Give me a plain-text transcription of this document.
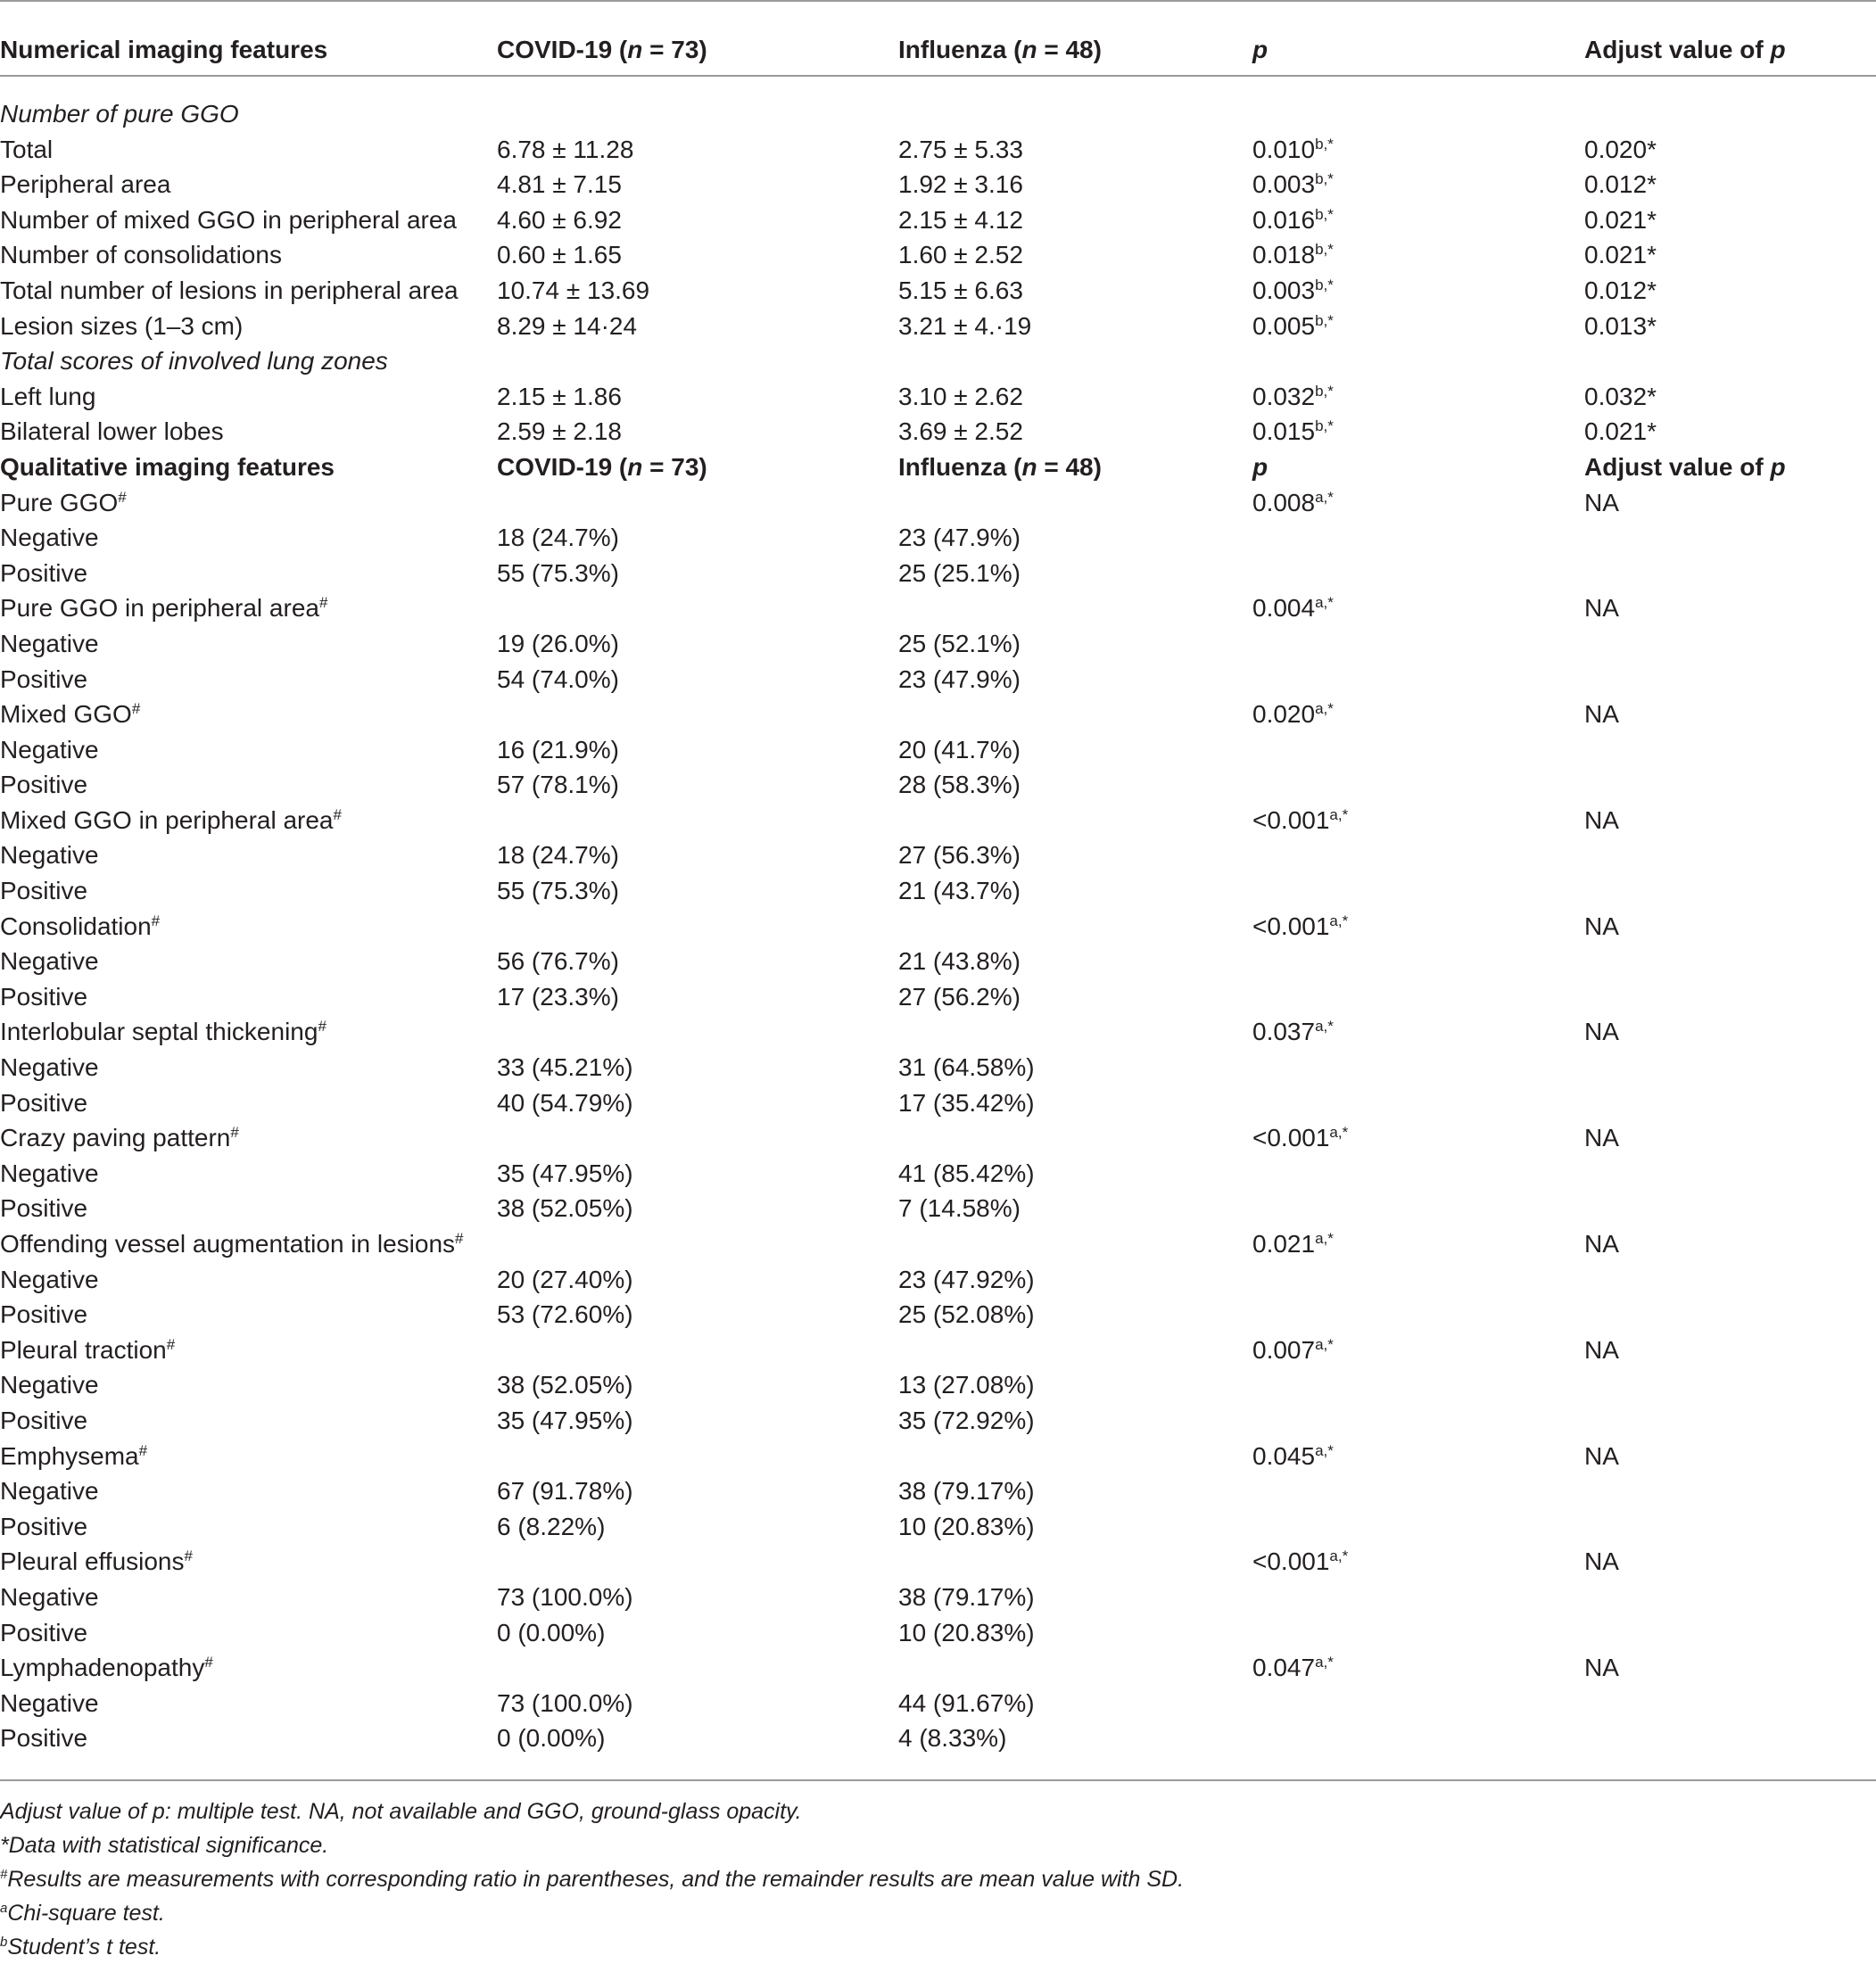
Numerical imaging features	COVID-19 (n = 73)	Influenza (n = 48)	p	Adjust value of p

Number of pure GGO				
Total	6.78 ± 11.28	2.75 ± 5.33	$0.010^{b,*}$	0.020*
Peripheral area	4.81 ± 7.15	1.92 ± 3.16	$0.003^{b,*}$	0.012*
Number of mixed GGO in peripheral area	4.60 ± 6.92	2.15 ± 4.12	$0.016^{b,*}$	0.021*
Number of consolidations	0.60 ± 1.65	1.60 ± 2.52	$0.018^{b,*}$	0.021*
Total number of lesions in peripheral area	10.74 ± 13.69	5.15 ± 6.63	$0.003^{b,*}$	0.012*
Lesion sizes (1–3 cm)	8.29 ± 14·24	3.21 ± 4.·19	$0.005^{b,*}$	0.013*
Total scores of involved lung zones				
Left lung	2.15 ± 1.86	3.10 ± 2.62	$0.032^{b,*}$	0.032*
Bilateral lower lobes	2.59 ± 2.18	3.69 ± 2.52	$0.015^{b,*}$	0.021*
Qualitative imaging features	COVID-19 (n = 73)	Influenza (n = 48)	p	Adjust value of p
Pure GGO#			$0.008^{a,*}$	NA
Negative	18 (24.7%)	23 (47.9%)		
Positive	55 (75.3%)	25 (25.1%)		
Pure GGO in peripheral area#			$0.004^{a,*}$	NA
Negative	19 (26.0%)	25 (52.1%)		
Positive	54 (74.0%)	23 (47.9%)		
Mixed GGO#			$0.020^{a,*}$	NA
Negative	16 (21.9%)	20 (41.7%)		
Positive	57 (78.1%)	28 (58.3%)		
Mixed GGO in peripheral area#			$<0.001^{a,*}$	NA
Negative	18 (24.7%)	27 (56.3%)		
Positive	55 (75.3%)	21 (43.7%)		
Consolidation#			$<0.001^{a,*}$	NA
Negative	56 (76.7%)	21 (43.8%)		
Positive	17 (23.3%)	27 (56.2%)		
Interlobular septal thickening#			$0.037^{a,*}$	NA
Negative	33 (45.21%)	31 (64.58%)		
Positive	40 (54.79%)	17 (35.42%)		
Crazy paving pattern#			$<0.001^{a,*}$	NA
Negative	35 (47.95%)	41 (85.42%)		
Positive	38 (52.05%)	7 (14.58%)		
Offending vessel augmentation in lesions#			$0.021^{a,*}$	NA
Negative	20 (27.40%)	23 (47.92%)		
Positive	53 (72.60%)	25 (52.08%)		
Pleural traction#			$0.007^{a,*}$	NA
Negative	38 (52.05%)	13 (27.08%)		
Positive	35 (47.95%)	35 (72.92%)		
Emphysema#			$0.045^{a,*}$	NA
Negative	67 (91.78%)	38 (79.17%)		
Positive	6 (8.22%)	10 (20.83%)		
Pleural effusions#			$<0.001^{a,*}$	NA
Negative	73 (100.0%)	38 (79.17%)		
Positive	0 (0.00%)	10 (20.83%)		
Lymphadenopathy#			$0.047^{a,*}$	NA
Negative	73 (100.0%)	44 (91.67%)		
Positive	0 (0.00%)	4 (8.33%)		
Adjust value of p: multiple test. NA, not available and GGO, ground-glass opacity.
*Data with statistical significance.
#Results are measurements with corresponding ratio in parentheses, and the remainder results are mean value with SD.
$^a$Chi-square test.
$^b$Student’s t test.
